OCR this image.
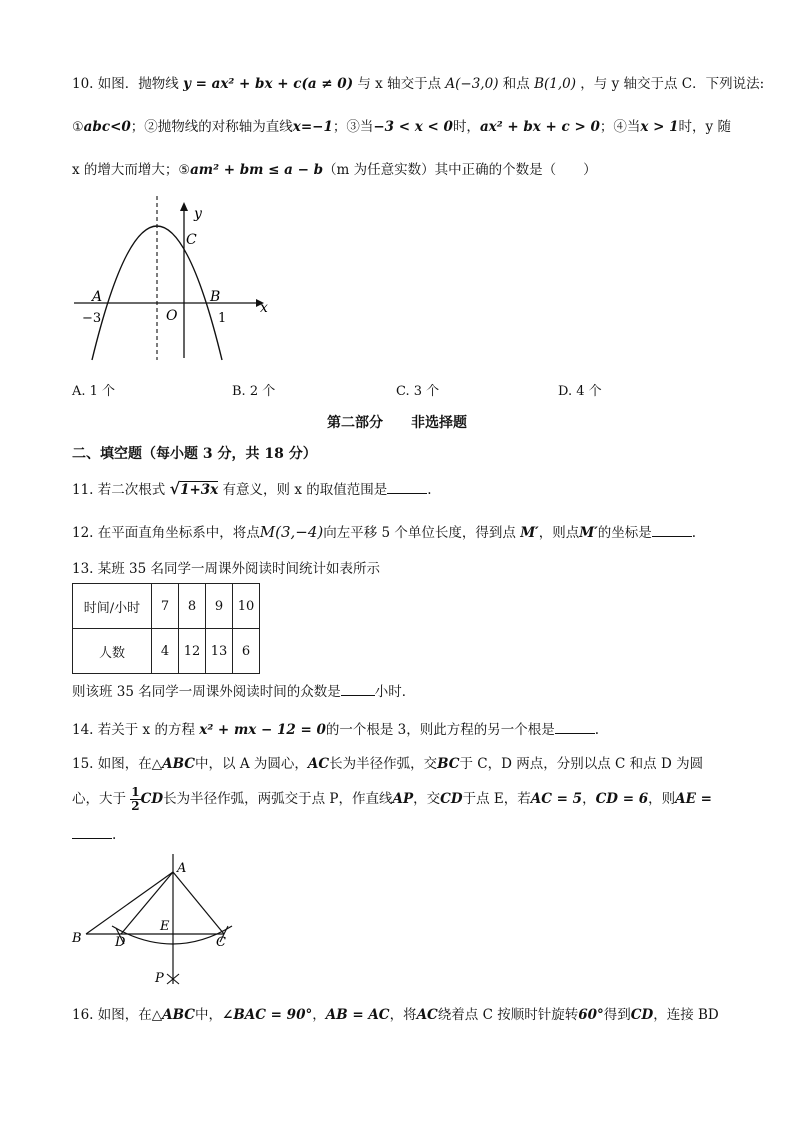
10. 如图．抛物线 y = ax² + bx + c(a ≠ 0) 与 x 轴交于点 A(−3,0) 和点 B(1,0) ，与 y 轴交于点 C．下列说法:
①abc<0；②抛物线的对称轴为直线x=−1；③当−3 < x < 0时，ax² + bx + c > 0；④当x > 1时，y 随
x 的增大而增大；⑤am² + bm ≤ a − b（m 为任意实数）其中正确的个数是（　　）
y
x
C
A	B
O
−3	1
A. 1 个	B. 2 个	C. 3 个	D. 4 个
第二部分　　非选择题
二、填空题（每小题 3 分，共 18 分）
11. 若二次根式 √1+3x 有意义，则 x 的取值范围是	.
12. 在平面直角坐标系中，将点M(3,−4)向左平移 5 个单位长度，得到点 M′，则点M′的坐标是	.
13. 某班 35 名同学一周课外阅读时间统计如表所示
时间/小时	7	8	9	10
人数	4	12	13	6
则该班 35 名同学一周课外阅读时间的众数是	小时．
14. 若关于 x 的方程 x² + mx − 12 = 0的一个根是 3，则此方程的另一个根是	.
15. 如图，在△ABC中，以 A 为圆心，AC长为半径作弧，交BC于 C，D 两点，分别以点 C 和点 D 为圆
心，大于 $\frac{1}{2}$ CD长为半径作弧，两弧交于点 P，作直线AP，交CD于点 E，若AC = 5，CD = 6，则AE =
.
A
B	C
D
E
P
16. 如图，在△ABC中，∠BAC = 90°，AB = AC，将AC绕着点 C 按顺时针旋转60°得到CD，连接 BD
